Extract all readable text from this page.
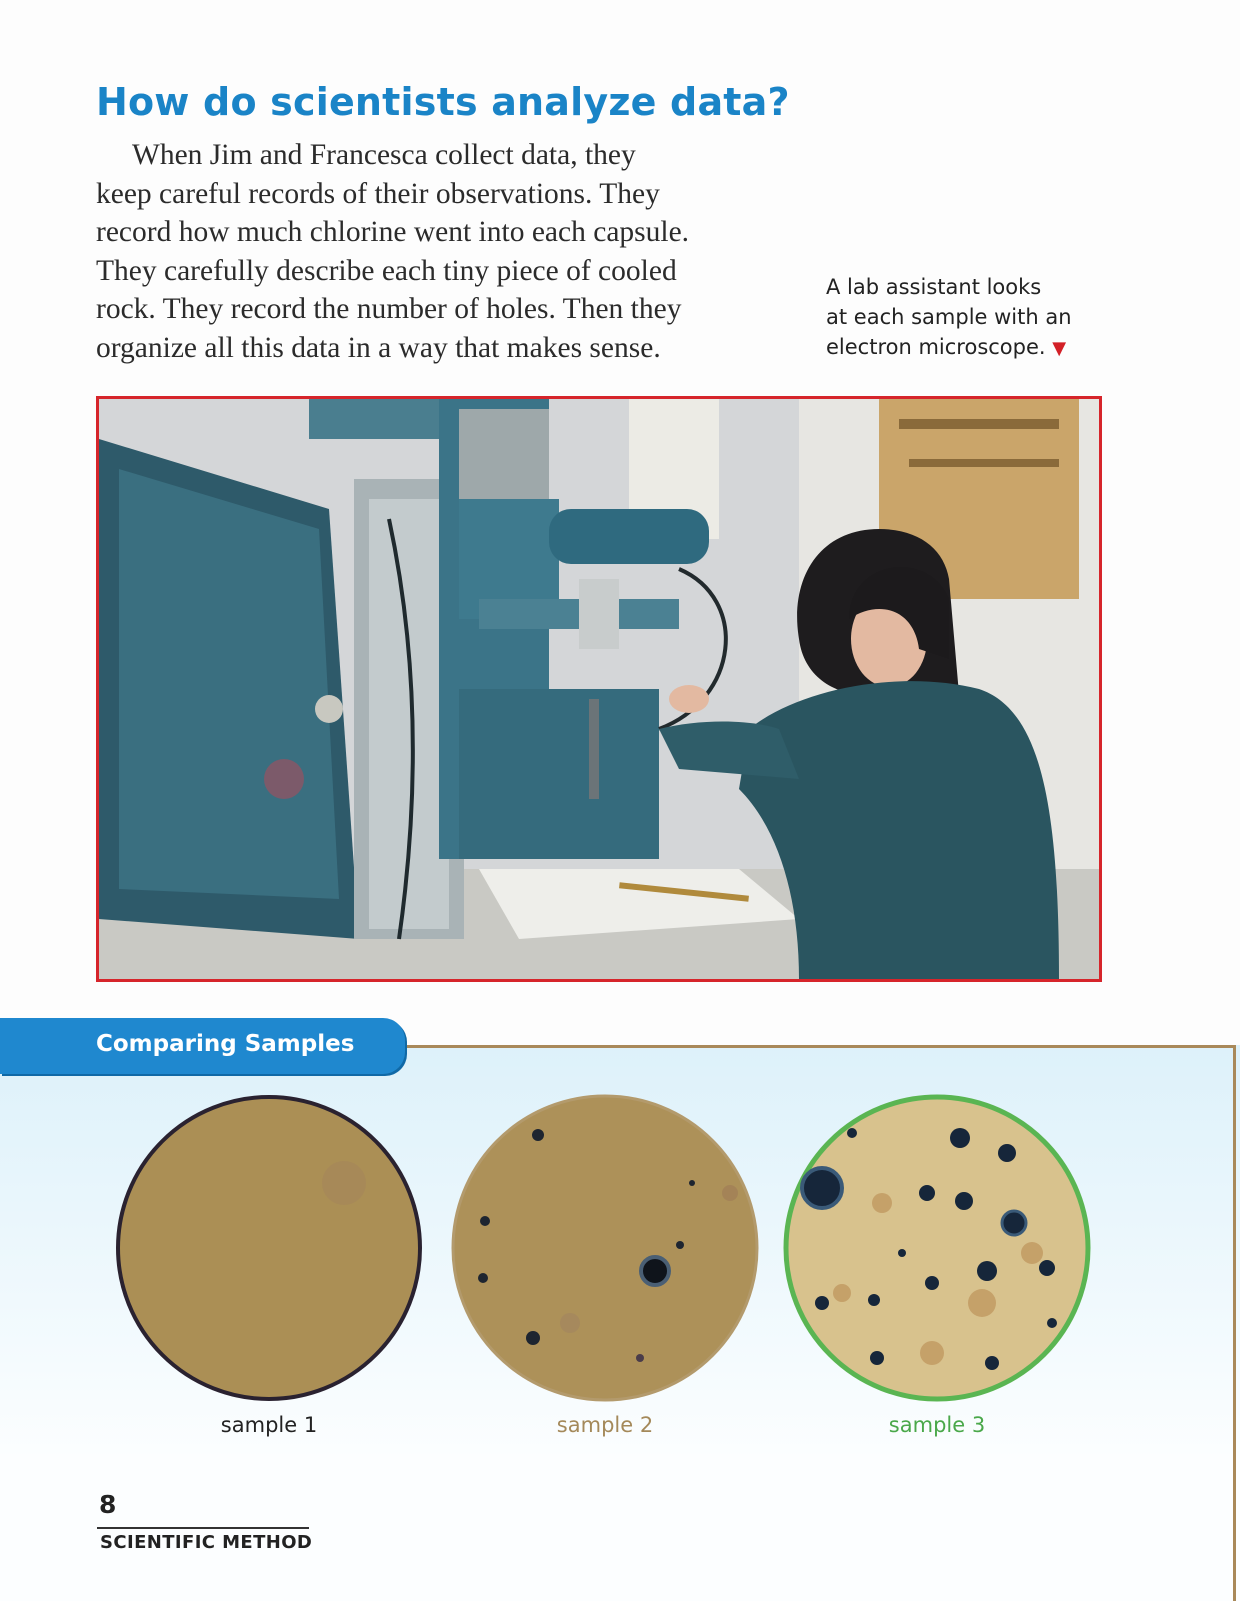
How do scientists analyze data?

When Jim and Francesca collect data, they
keep careful records of their observations. They
record how much chlorine went into each capsule.
They carefully describe each tiny piece of cooled
rock. They record the number of holes. Then they
organize all this data in a way that makes sense.

A lab assistant looks
at each sample with an
electron microscope. ▼

Comparing Samples
sample 1	sample 2	sample 3
8
SCIENTIFIC METHOD
